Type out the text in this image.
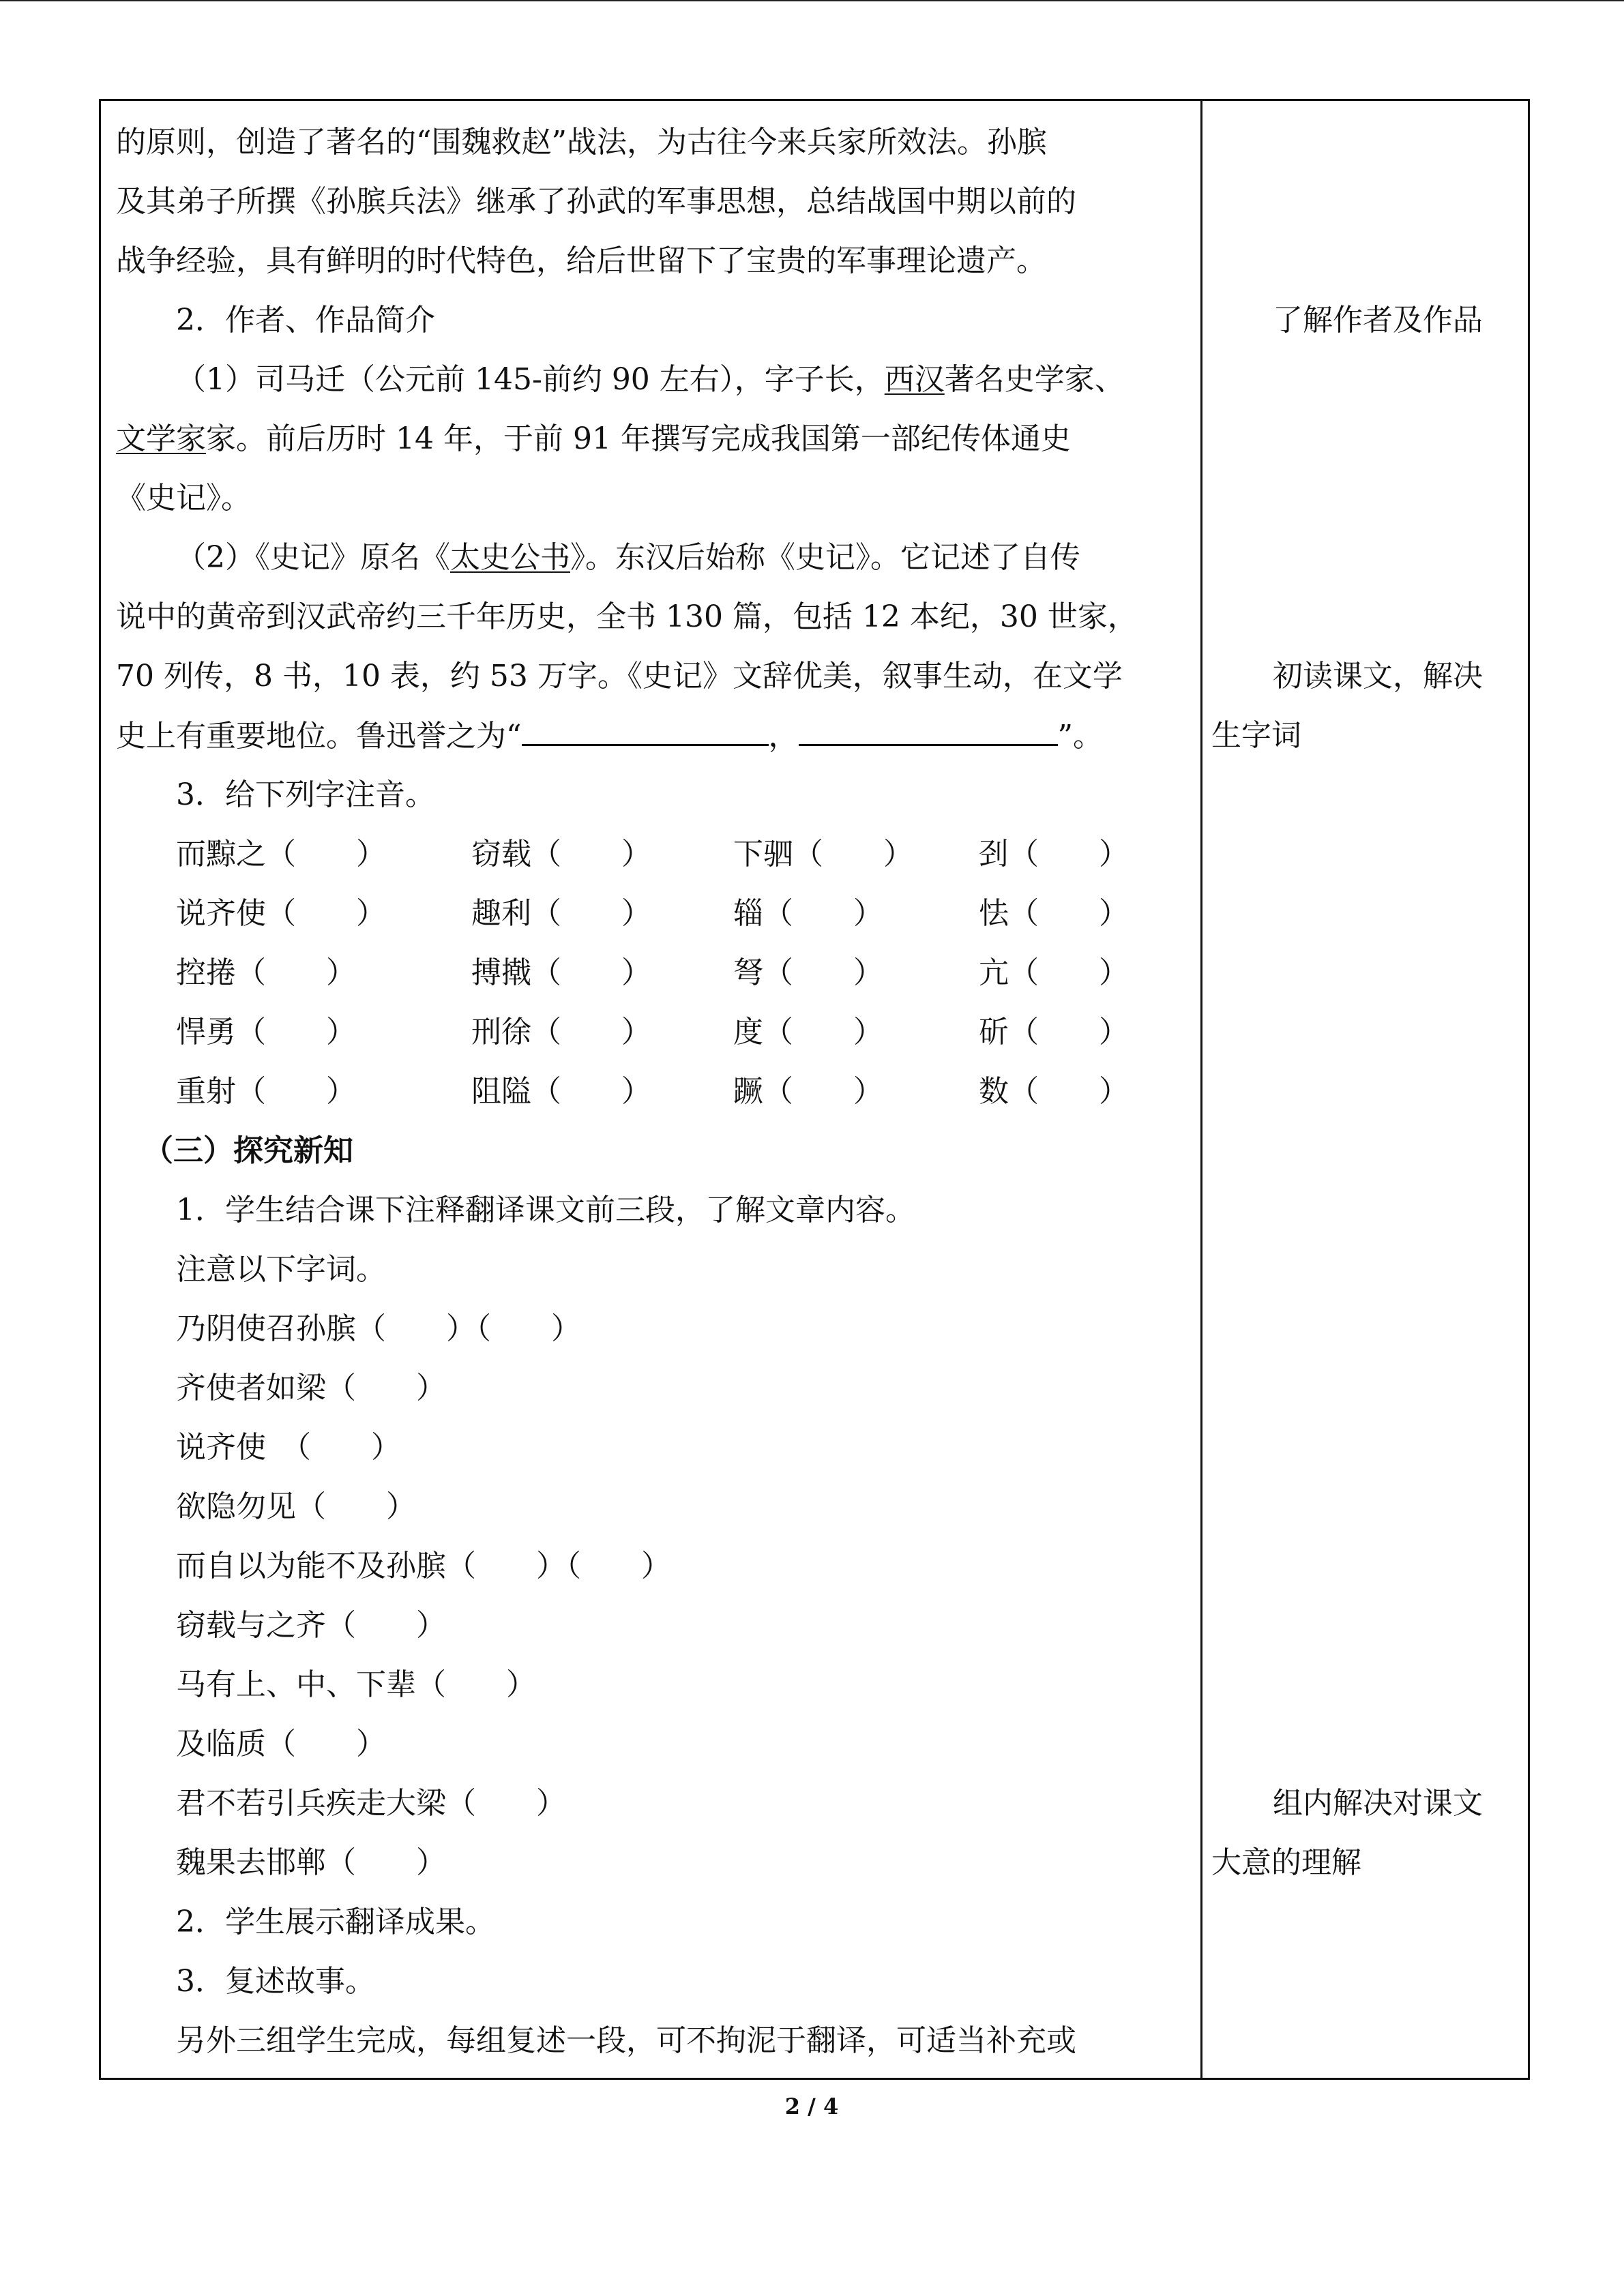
的原则，创造了著名的“围魏救赵”战法，为古往今来兵家所效法。孙膑
及其弟子所撰《孙膑兵法》继承了孙武的军事思想，总结战国中期以前的
战争经验，具有鲜明的时代特色，给后世留下了宝贵的军事理论遗产。
2．作者、作品简介
（1）司马迁（公元前 145-前约 90 左右），字子长，西汉著名史学家、
文学家家。前后历时 14 年，于前 91 年撰写完成我国第一部纪传体通史
《史记》。
（2）《史记》原名《太史公书》。东汉后始称《史记》。它记述了自传
说中的黄帝到汉武帝约三千年历史，全书 130 篇，包括 12 本纪，30 世家，
70 列传，8 书，10 表，约 53 万字。《史记》文辞优美，叙事生动，在文学
史上有重要地位。鲁迅誉之为“	，	”。
3．给下列字注音。
而黥之（　　）	窃载（　　）	下驷（　　） 刭（　　）
说齐使（　　）	趣利（　　）	辎（　　）	怯（　　）
控捲（　　）	搏撠（　　）	弩（　　）	亢（　　）
悍勇（　　）	刑徐（　　）	度（　　）	斫（　　）
重射（　　）	阻隘（　　）	蹶（　　）	数（　　）
（三）探究新知
1．学生结合课下注释翻译课文前三段，了解文章内容。
注意以下字词。
乃阴使召孙膑（　　）（　　）
齐使者如梁（　　）
说齐使　（　　）
欲隐勿见（　　）
而自以为能不及孙膑（　　）（　　）
窃载与之齐（　　）
马有上、中、下辈（　　）
及临质（　　）
君不若引兵疾走大梁（　　）
魏果去邯郸（　　）
2．学生展示翻译成果。
3．复述故事。
另外三组学生完成，每组复述一段，可不拘泥于翻译，可适当补充或
了解作者及作品
初读课文，解决
生字词
组内解决对课文
大意的理解
2 / 4
